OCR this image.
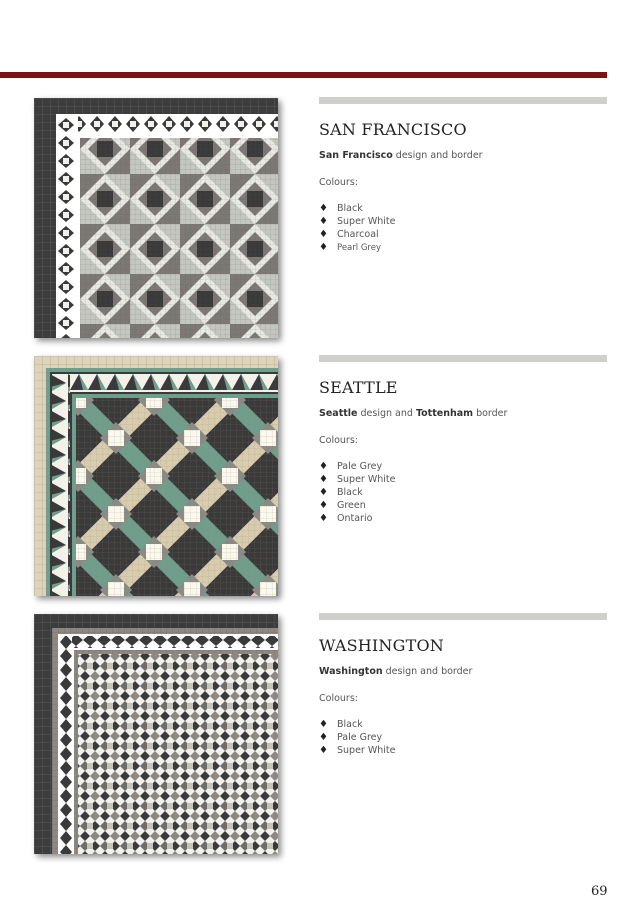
SAN FRANCISCO
San Francisco design and border
Colours:
♦ Black
♦ Super White
♦ Charcoal
♦ Pearl Grey
SEATTLE
Seattle design and Tottenham border
Colours:
♦ Pale Grey
♦ Super White
♦ Black
♦ Green
♦ Ontario
WASHINGTON
Washington design and border
Colours:
♦ Black
♦ Pale Grey
♦ Super White
69
